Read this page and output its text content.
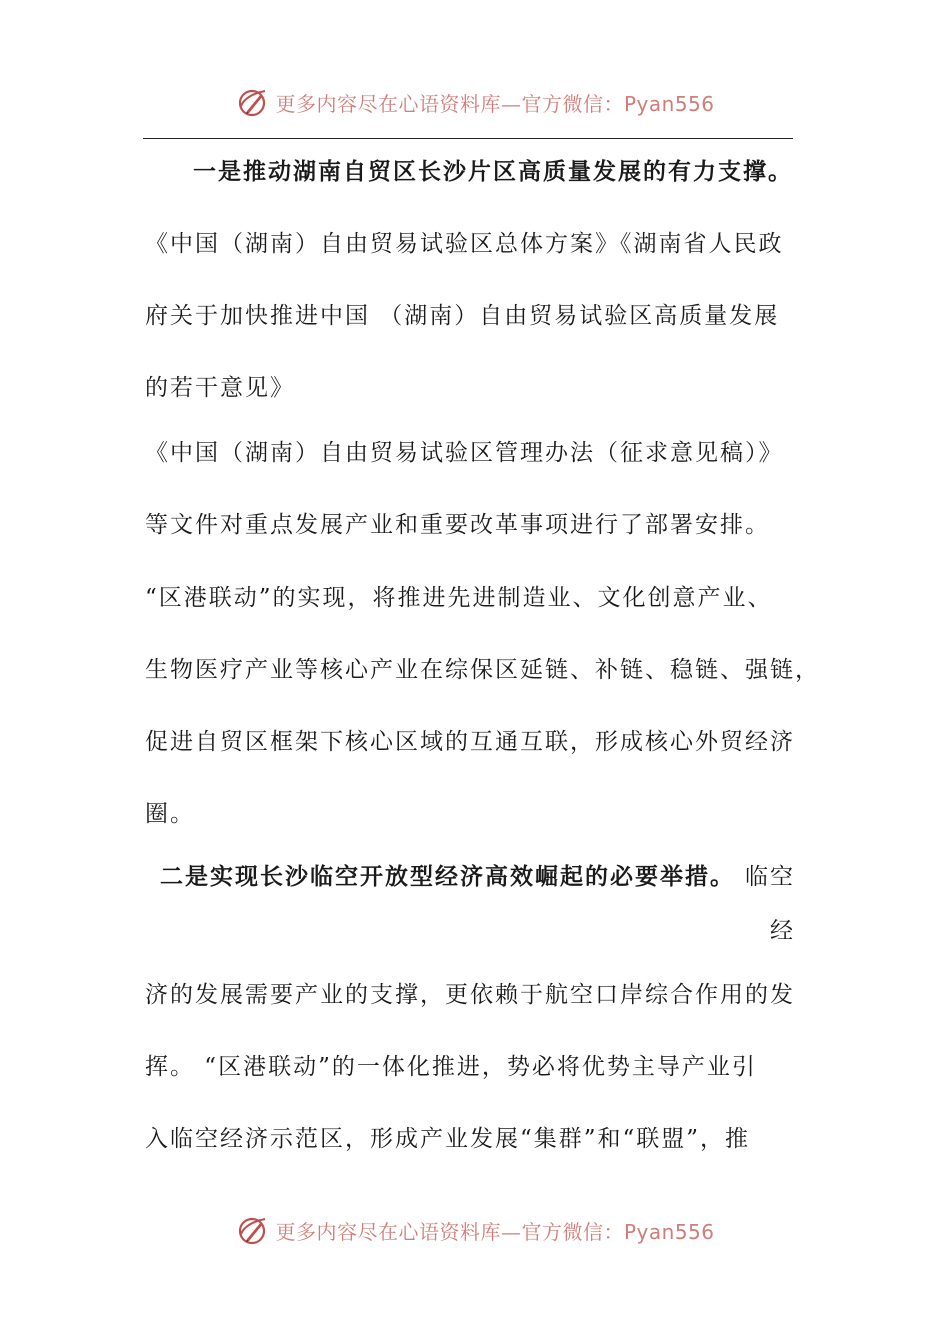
更多内容尽在心语资料库—官方微信：Pyan556
一是推动湖南自贸区长沙片区高质量发展的有力支撑。
《中国（湖南）自由贸易试验区总体方案》《湖南省人民政
府关于加快推进中国 （湖南）自由贸易试验区高质量发展
的若干意见》
《中国（湖南）自由贸易试验区管理办法（征求意见稿）》
等文件对重点发展产业和重要改革事项进行了部署安排。
“区港联动”的实现，将推进先进制造业、文化创意产业、
生物医疗产业等核心产业在综保区延链、补链、稳链、强链，
促进自贸区框架下核心区域的互通互联，形成核心外贸经济
圈。
二是实现长沙临空开放型经济高效崛起的必要举措。 临空
经
济的发展需要产业的支撑，更依赖于航空口岸综合作用的发
挥。 “区港联动”的一体化推进，势必将优势主导产业引
入临空经济示范区，形成产业发展“集群”和“联盟”，推
更多内容尽在心语资料库—官方微信：Pyan556
